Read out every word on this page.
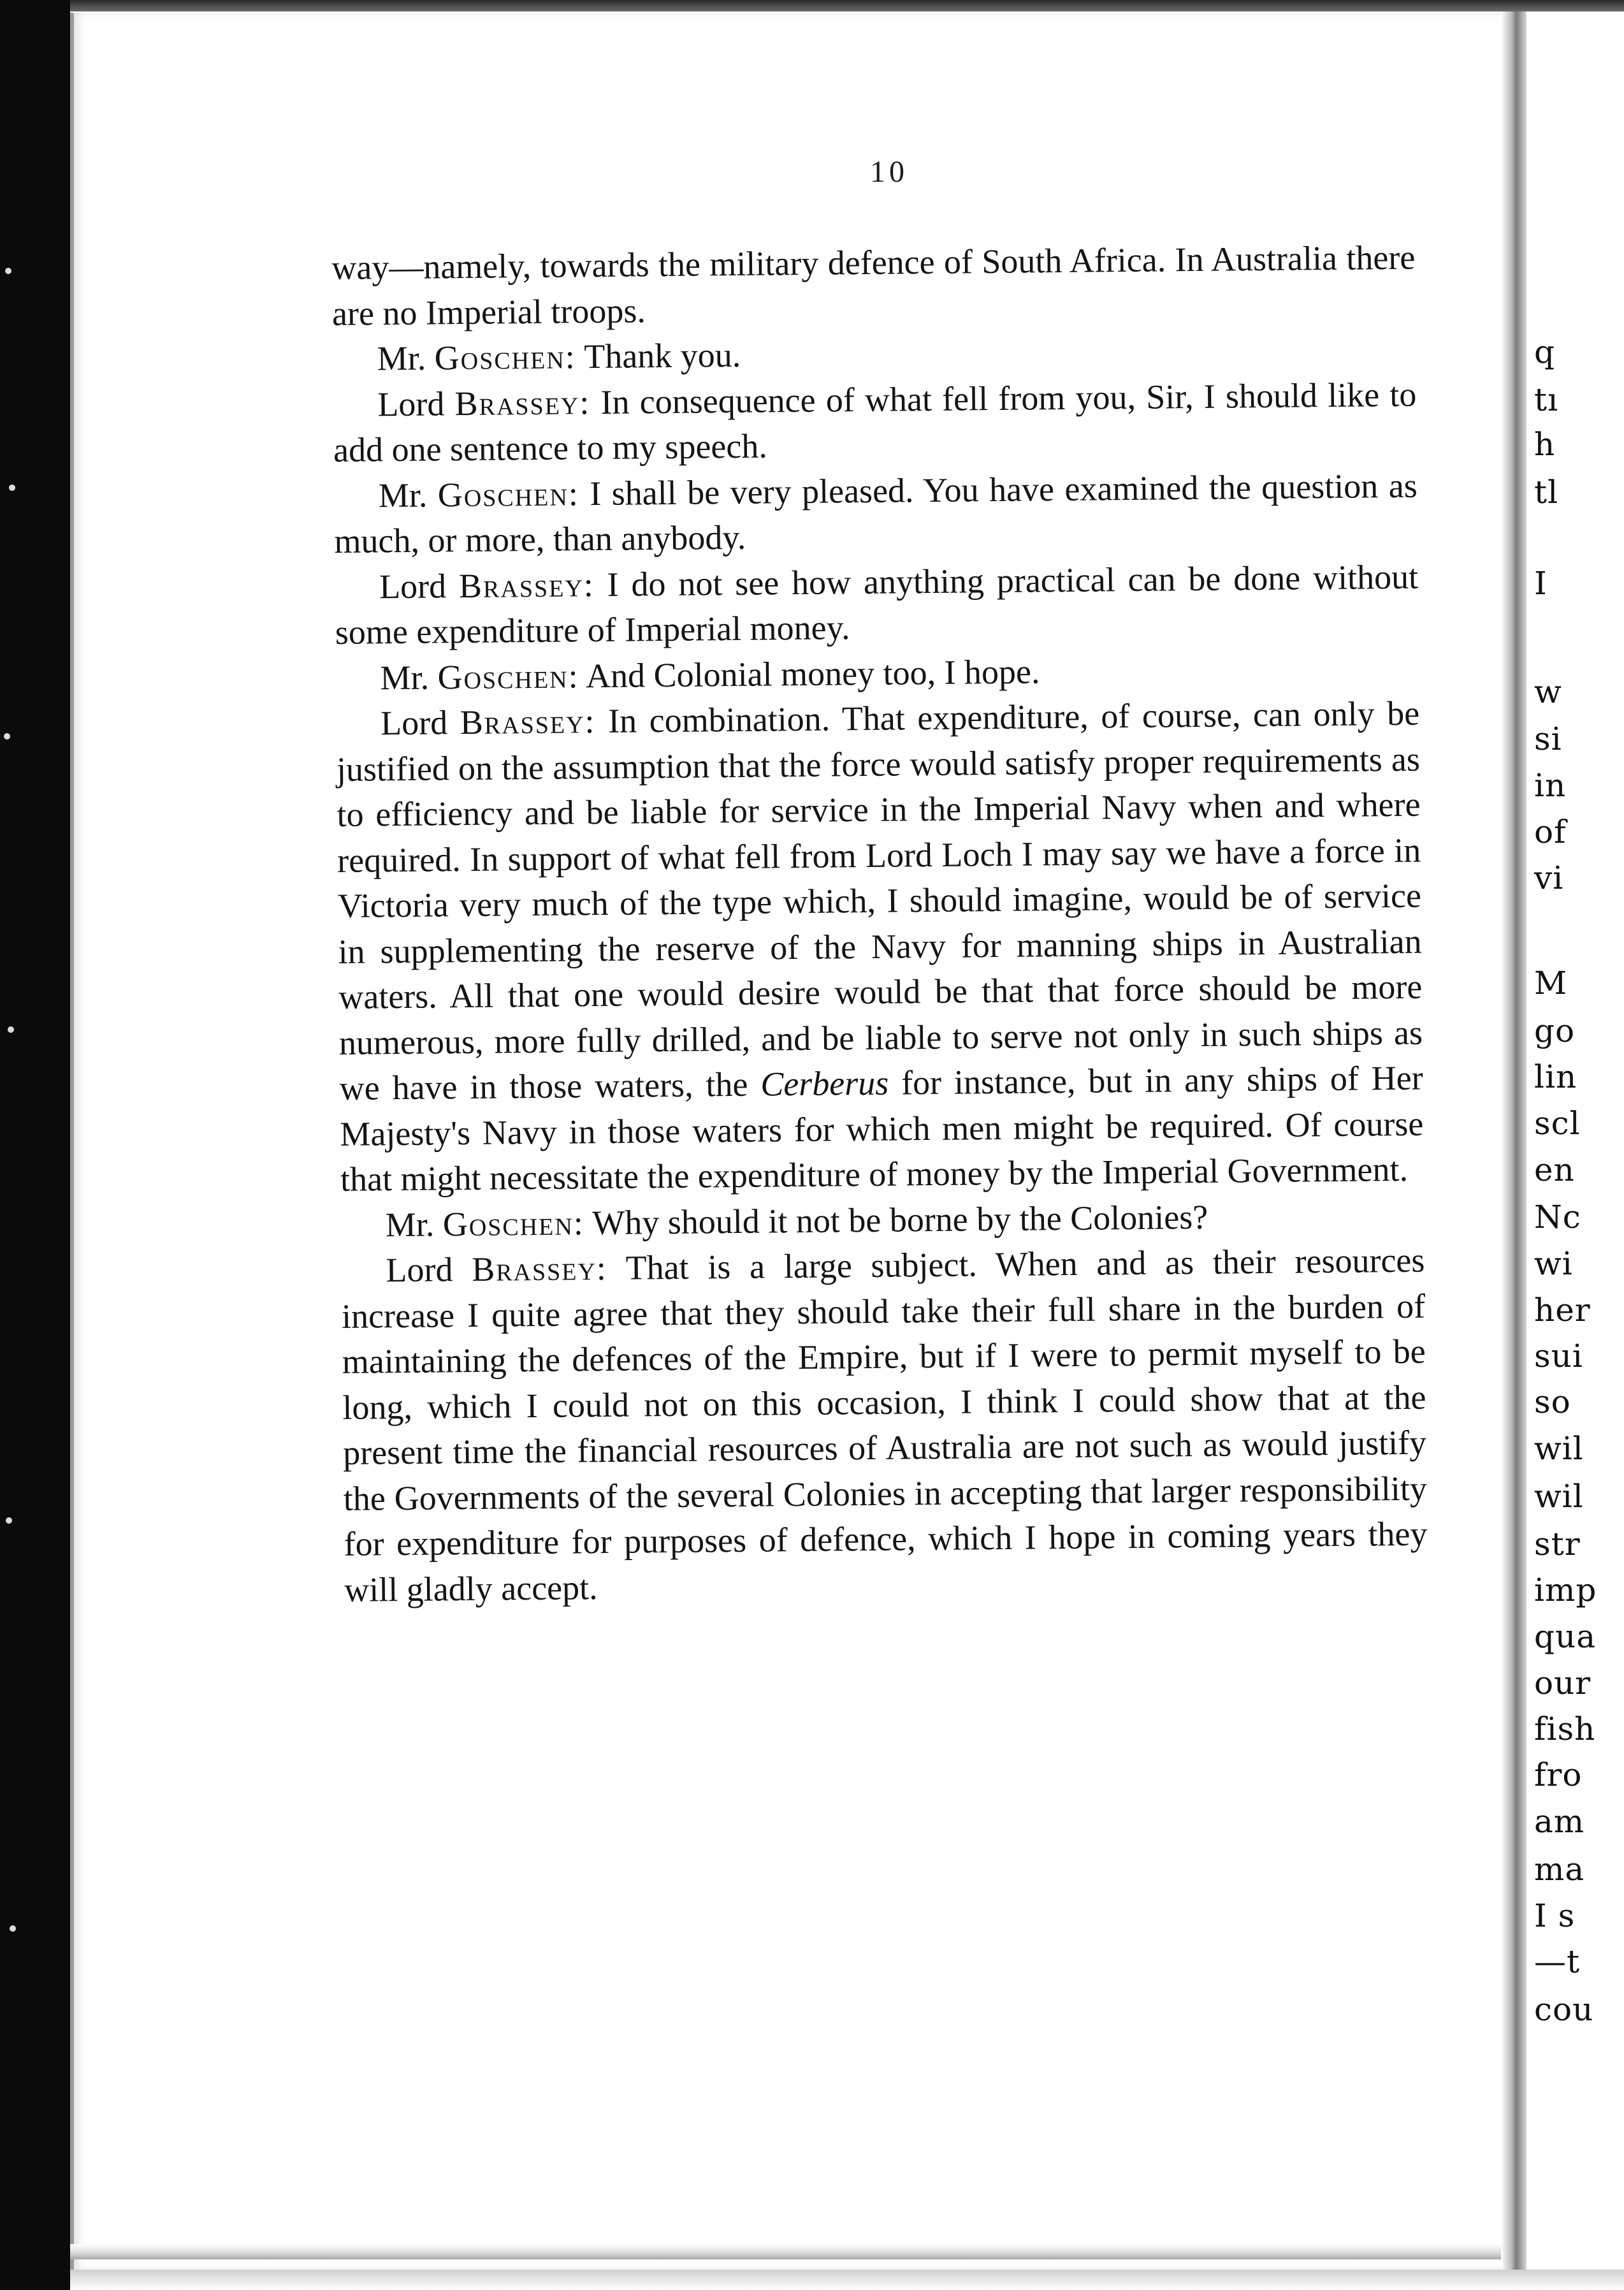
10

way—namely, towards the military defence of South Africa. In Australia there are no Imperial troops.

Mr. Goschen: Thank you.

Lord Brassey: In consequence of what fell from you, Sir, I should like to add one sentence to my speech.

Mr. Goschen: I shall be very pleased. You have examined the question as much, or more, than anybody.

Lord Brassey: I do not see how anything practical can be done without some expenditure of Imperial money.

Mr. Goschen: And Colonial money too, I hope.

Lord Brassey: In combination. That expenditure, of course, can only be justified on the assumption that the force would satisfy proper requirements as to efficiency and be liable for service in the Imperial Navy when and where required. In support of what fell from Lord Loch I may say we have a force in Victoria very much of the type which, I should imagine, would be of service in supplementing the reserve of the Navy for manning ships in Australian waters. All that one would desire would be that that force should be more numerous, more fully drilled, and be liable to serve not only in such ships as we have in those waters, the Cerberus for instance, but in any ships of Her Majesty's Navy in those waters for which men might be required. Of course that might necessitate the expenditure of money by the Imperial Government.

Mr. Goschen: Why should it not be borne by the Colonies?

Lord Brassey: That is a large subject. When and as their resources increase I quite agree that they should take their full share in the burden of maintaining the defences of the Empire, but if I were to permit myself to be long, which I could not on this occasion, I think I could show that at the present time the financial resources of Australia are not such as would justify the Governments of the several Colonies in accepting that larger responsibility for expenditure for purposes of defence, which I hope in coming years they will gladly accept.

q
tı
h
tl
I
w
si
in
of
vi
M
go
lin
scl
en
Nc
wi
her
sui
so
wil
wil
str
imp
qua
our
fish
fro
am
ma
I s
—t
cou
